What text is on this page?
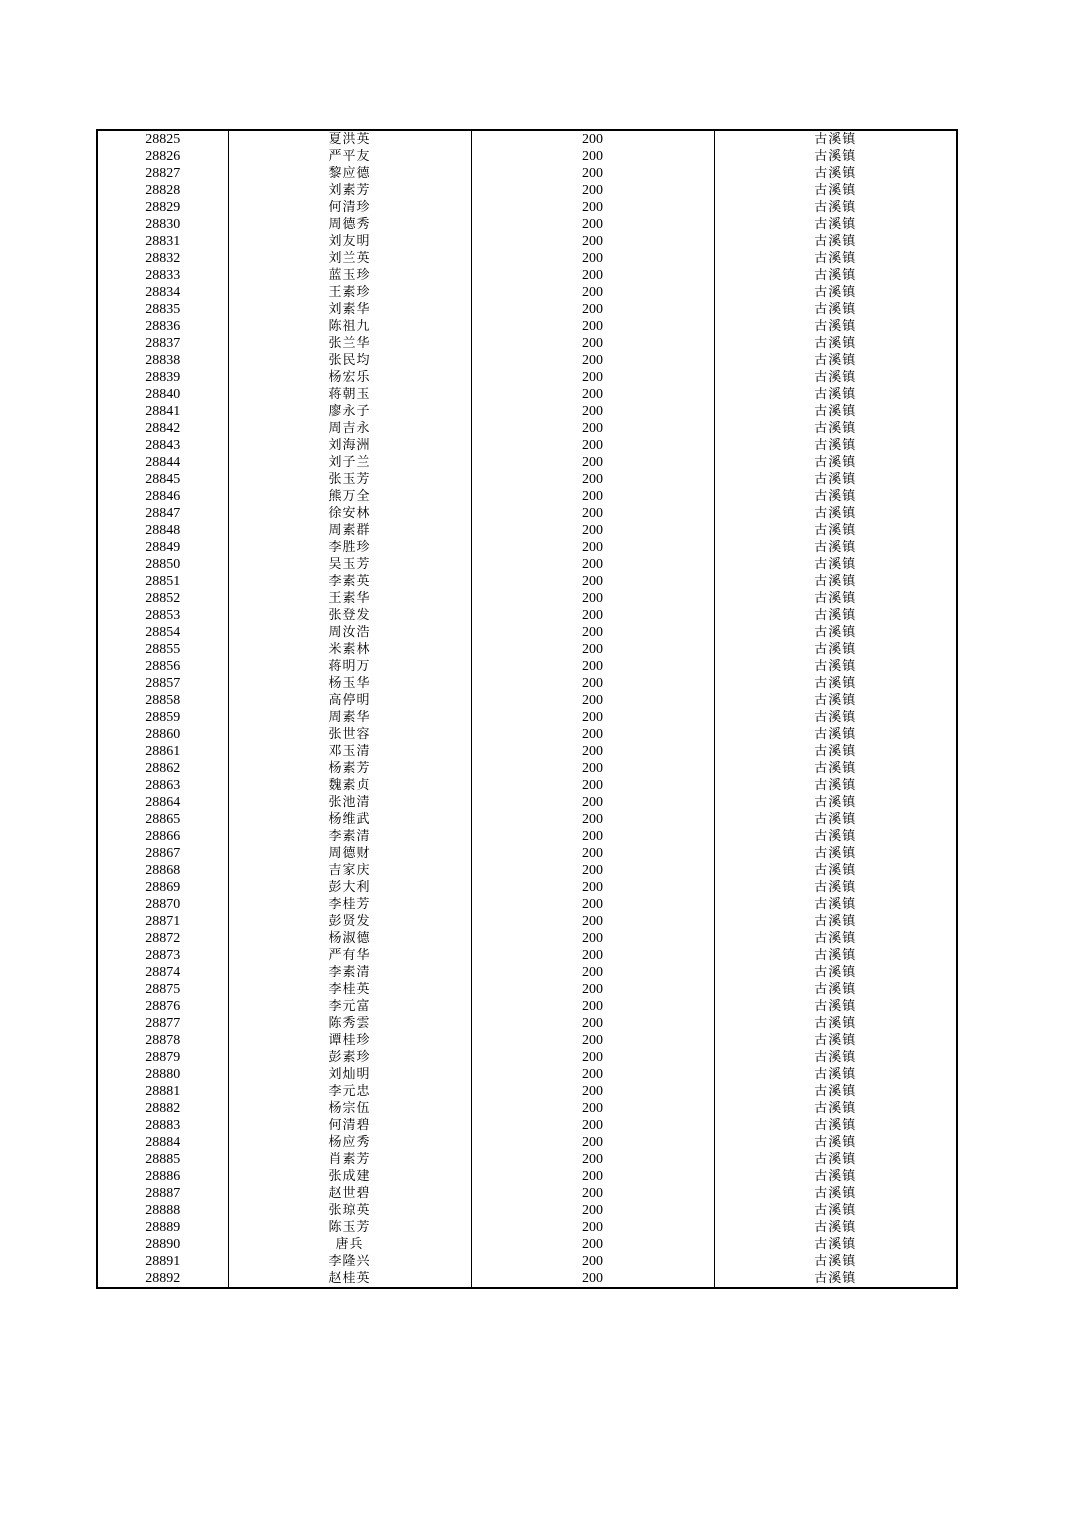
28825	夏洪英	200	古溪镇
28826	严平友	200	古溪镇
28827	黎应德	200	古溪镇
28828	刘素芳	200	古溪镇
28829	何清珍	200	古溪镇
28830	周德秀	200	古溪镇
28831	刘友明	200	古溪镇
28832	刘兰英	200	古溪镇
28833	蓝玉珍	200	古溪镇
28834	王素珍	200	古溪镇
28835	刘素华	200	古溪镇
28836	陈祖九	200	古溪镇
28837	张兰华	200	古溪镇
28838	张民均	200	古溪镇
28839	杨宏乐	200	古溪镇
28840	蒋朝玉	200	古溪镇
28841	廖永子	200	古溪镇
28842	周吉永	200	古溪镇
28843	刘海洲	200	古溪镇
28844	刘子兰	200	古溪镇
28845	张玉芳	200	古溪镇
28846	熊万全	200	古溪镇
28847	徐安林	200	古溪镇
28848	周素群	200	古溪镇
28849	李胜珍	200	古溪镇
28850	吴玉芳	200	古溪镇
28851	李素英	200	古溪镇
28852	王素华	200	古溪镇
28853	张登发	200	古溪镇
28854	周汝浩	200	古溪镇
28855	米素林	200	古溪镇
28856	蒋明万	200	古溪镇
28857	杨玉华	200	古溪镇
28858	高停明	200	古溪镇
28859	周素华	200	古溪镇
28860	张世容	200	古溪镇
28861	邓玉清	200	古溪镇
28862	杨素芳	200	古溪镇
28863	魏素贞	200	古溪镇
28864	张池清	200	古溪镇
28865	杨维武	200	古溪镇
28866	李素清	200	古溪镇
28867	周德财	200	古溪镇
28868	吉家庆	200	古溪镇
28869	彭大利	200	古溪镇
28870	李桂芳	200	古溪镇
28871	彭贤发	200	古溪镇
28872	杨淑德	200	古溪镇
28873	严有华	200	古溪镇
28874	李素清	200	古溪镇
28875	李桂英	200	古溪镇
28876	李元富	200	古溪镇
28877	陈秀雲	200	古溪镇
28878	谭桂珍	200	古溪镇
28879	彭素珍	200	古溪镇
28880	刘灿明	200	古溪镇
28881	李元忠	200	古溪镇
28882	杨宗伍	200	古溪镇
28883	何清碧	200	古溪镇
28884	杨应秀	200	古溪镇
28885	肖素芳	200	古溪镇
28886	张成建	200	古溪镇
28887	赵世碧	200	古溪镇
28888	张琼英	200	古溪镇
28889	陈玉芳	200	古溪镇
28890	唐兵	200	古溪镇
28891	李隆兴	200	古溪镇
28892	赵桂英	200	古溪镇
